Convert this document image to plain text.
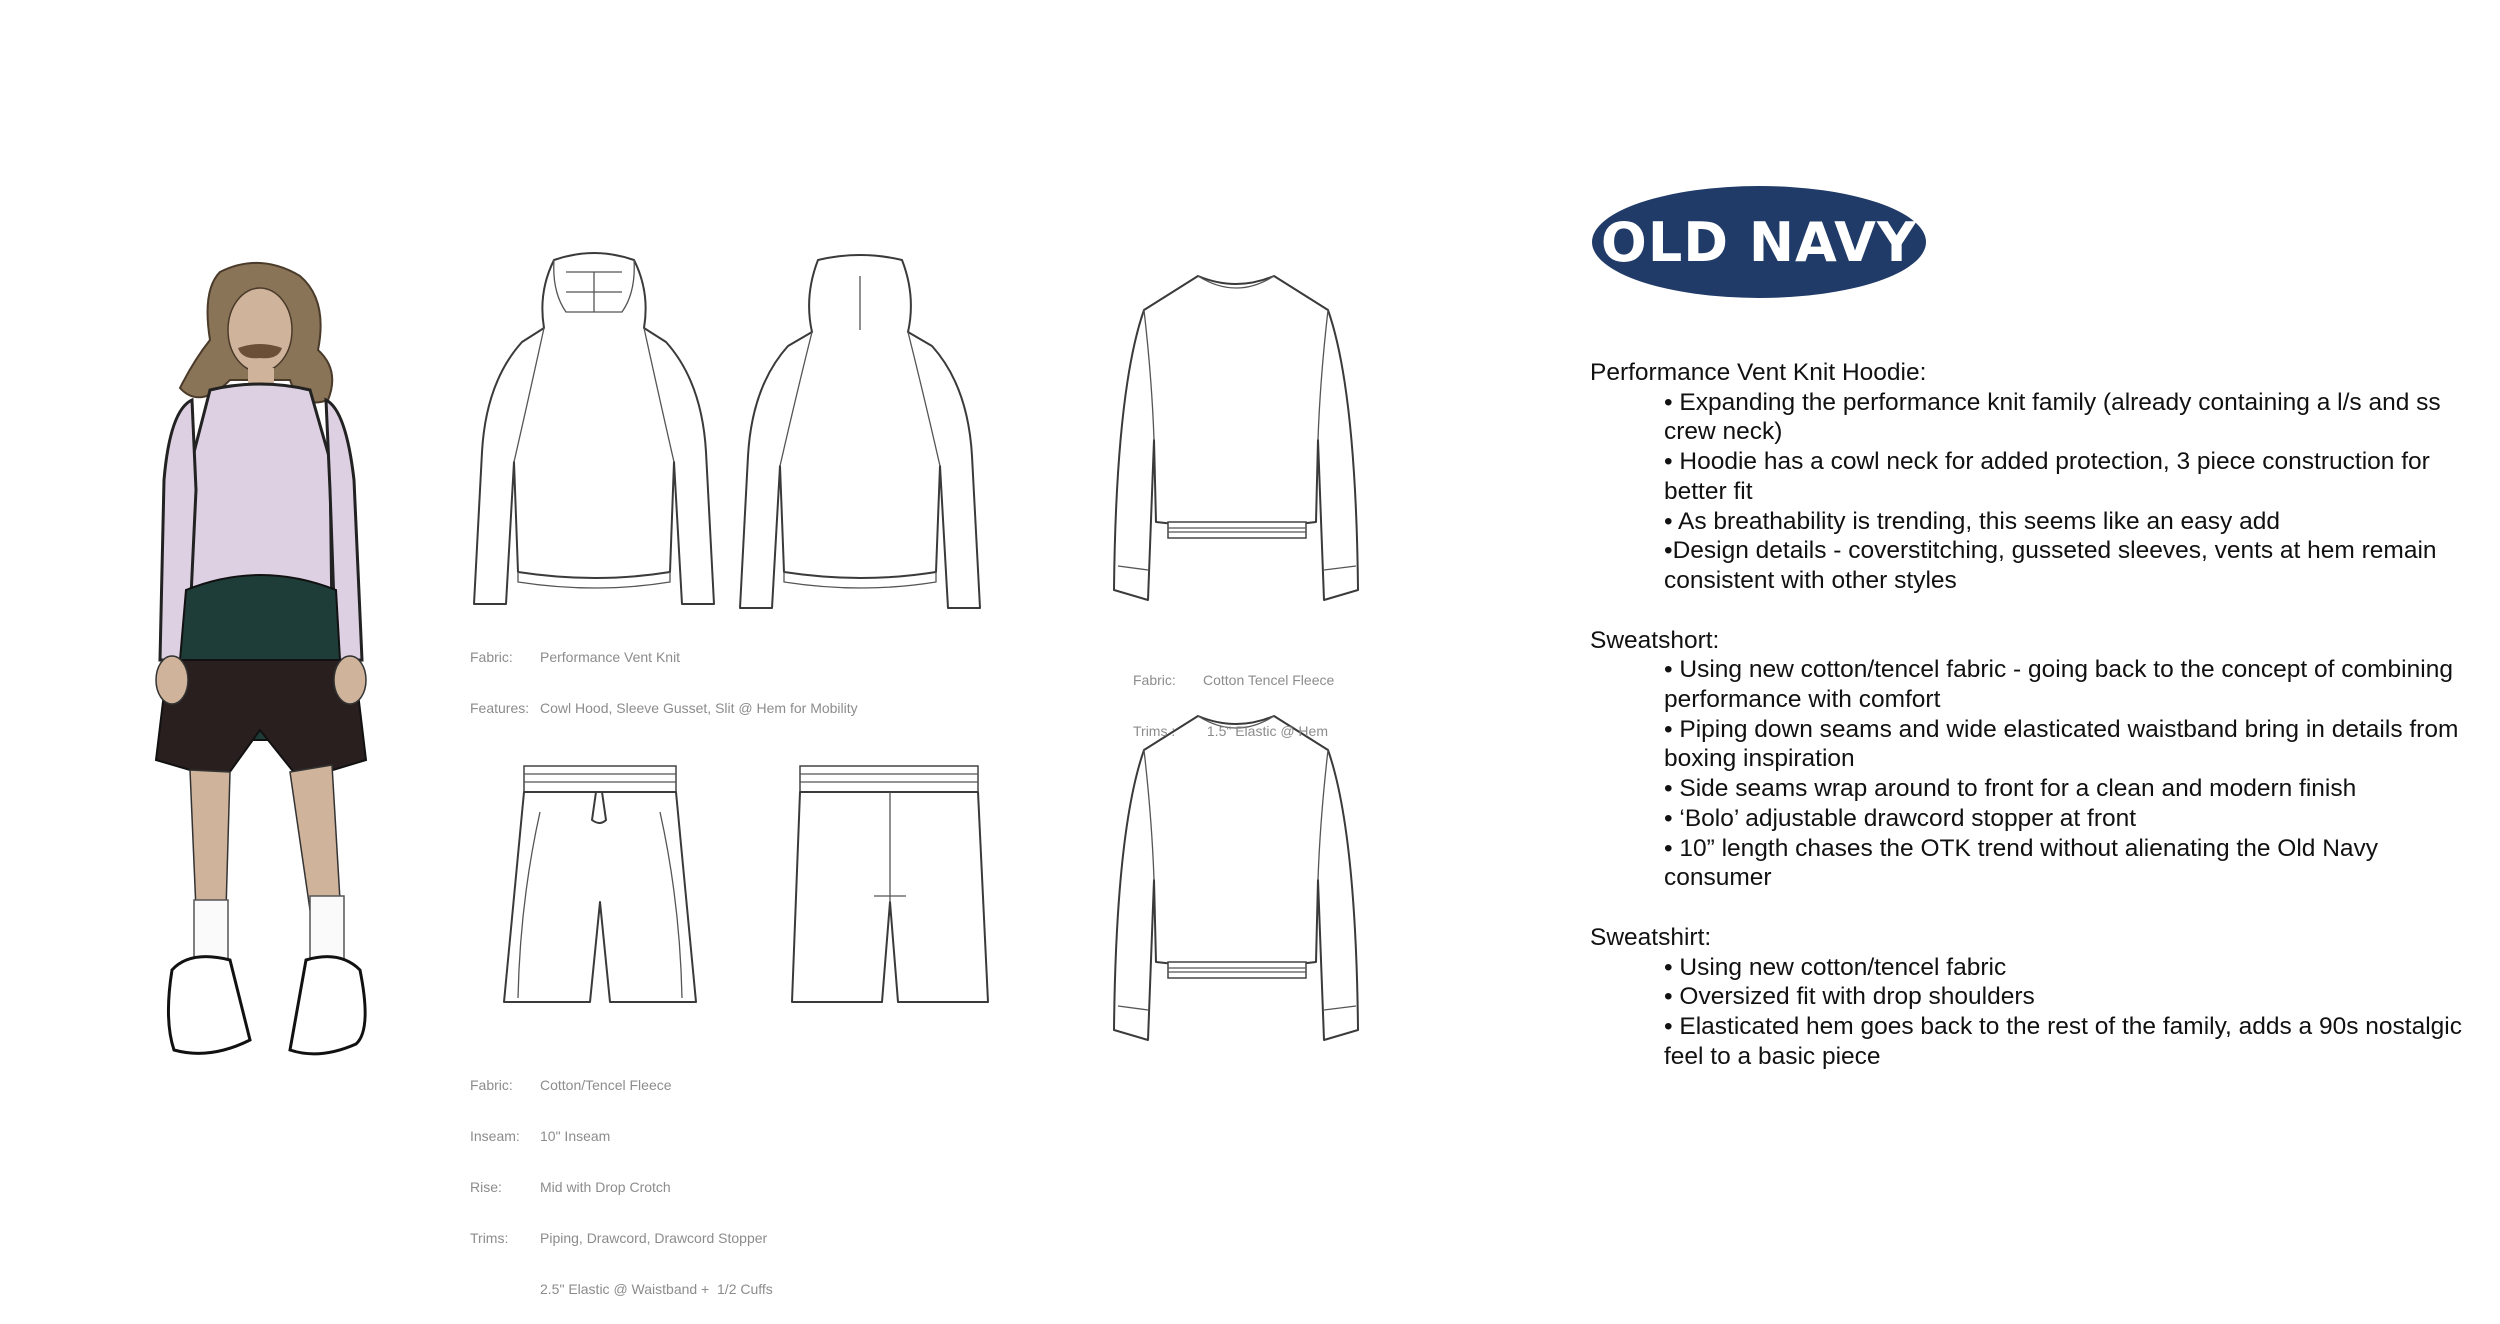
Fabric: Performance Vent Knit

Features: Cowl Hood, Sleeve Gusset, Slit @ Hem for Mobility

Fabric: Cotton Tencel Fleece

Trims : 1.5" Elastic @ Hem

Fabric: Cotton/Tencel Fleece

Inseam: 10" Inseam

Rise:	Mid with Drop Crotch

Trims: Piping, Drawcord, Drawcord Stopper

2.5" Elastic @ Waistband +  1/2 Cuffs

OLD NAVY
Performance Vent Knit Hoodie:
• Expanding the performance knit family (already containing a l/s and ss crew neck)
• Hoodie has a cowl neck for added protection, 3 piece construction for better fit
• As breathability is trending, this seems like an easy add
•Design details - coverstitching, gusseted sleeves, vents at hem remain consistent with other styles
Sweatshort:
• Using new cotton/tencel fabric - going back to the concept of combining performance with comfort
• Piping down seams and wide elasticated waistband bring in details from boxing inspiration
• Side seams wrap around to front for a clean and modern finish
• ‘Bolo’ adjustable drawcord stopper at front
• 10” length chases the OTK trend without alienating the Old Navy consumer
Sweatshirt:
• Using new cotton/tencel fabric
• Oversized fit with drop shoulders
• Elasticated hem goes back to the rest of the family, adds a 90s nostalgic feel to a basic piece
